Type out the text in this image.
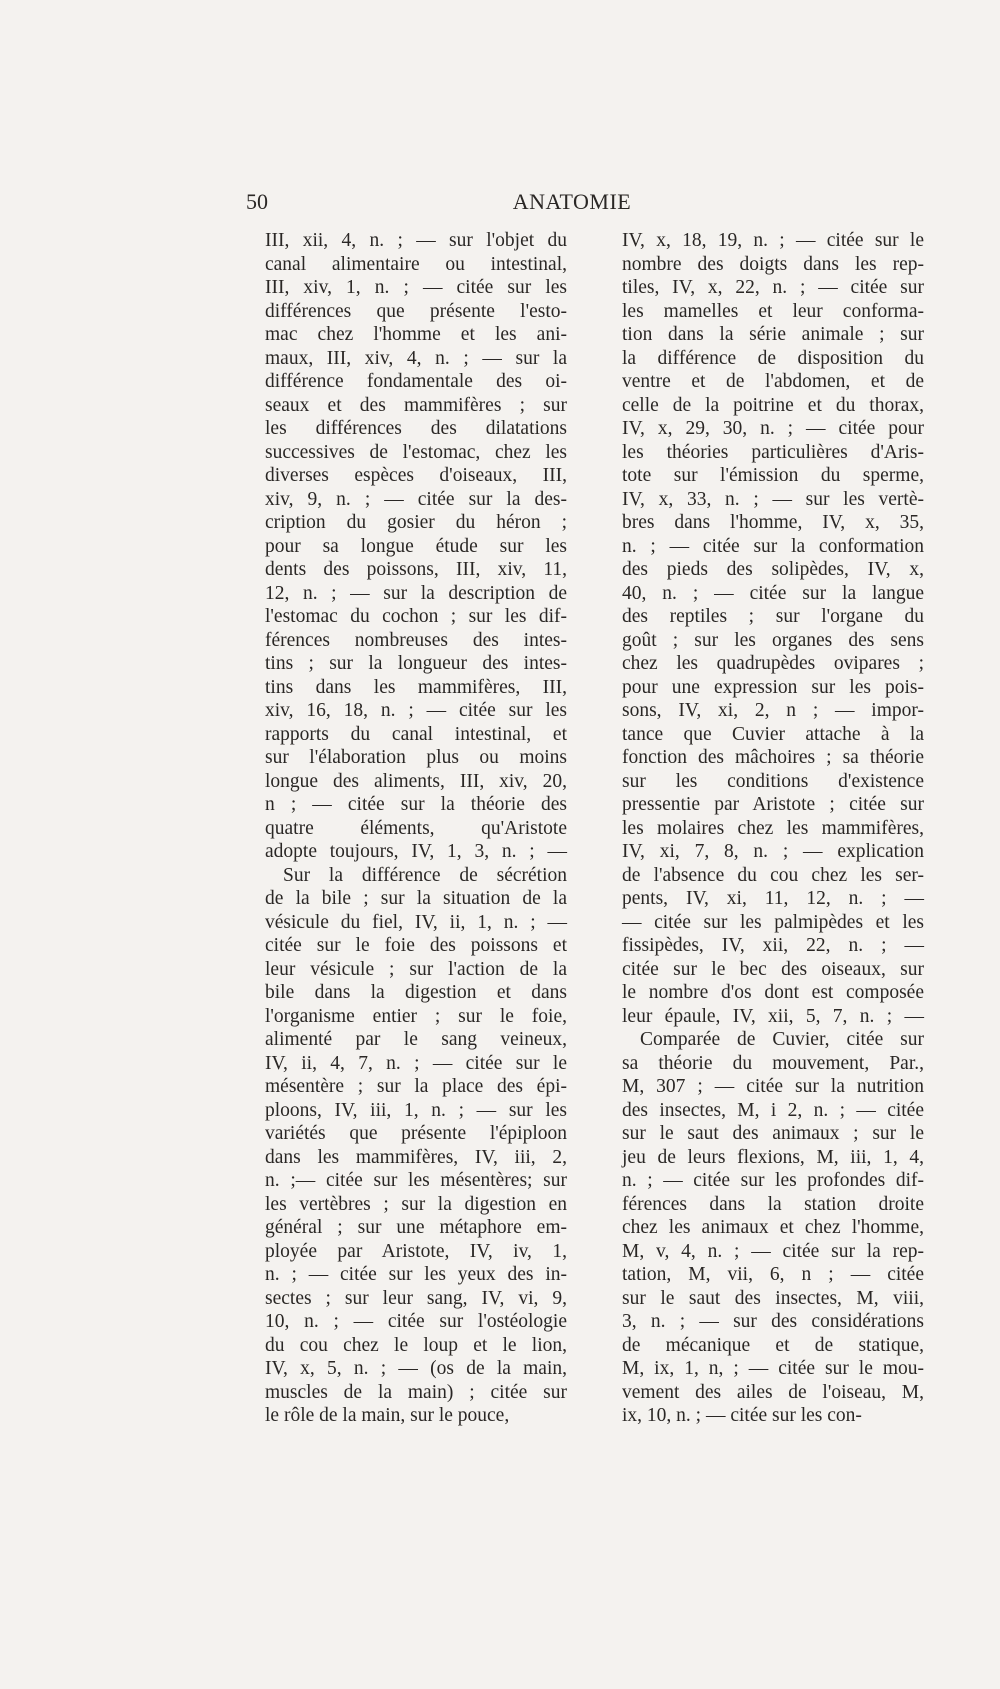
50	ANATOMIE
III, xii, 4, n. ; — sur l'objet du
canal alimentaire ou intestinal,
III, xiv, 1, n. ; — citée sur les
différences que présente l'esto-
mac chez l'homme et les ani-
maux, III, xiv, 4, n. ; — sur la
différence fondamentale des oi-
seaux et des mammifères ; sur
les différences des dilatations
successives de l'estomac, chez les
diverses espèces d'oiseaux, III,
xiv, 9, n. ; — citée sur la des-
cription du gosier du héron ;
pour sa longue étude sur les
dents des poissons, III, xiv, 11,
12, n. ; — sur la description de
l'estomac du cochon ; sur les dif-
férences nombreuses des intes-
tins ; sur la longueur des intes-
tins dans les mammifères, III,
xiv, 16, 18, n. ; — citée sur les
rapports du canal intestinal, et
sur l'élaboration plus ou moins
longue des aliments, III, xiv, 20,
n ; — citée sur la théorie des
quatre éléments, qu'Aristote
adopte toujours, IV, 1, 3, n. ; —
Sur la différence de sécrétion
de la bile ; sur la situation de la
vésicule du fiel, IV, ii, 1, n. ; —
citée sur le foie des poissons et
leur vésicule ; sur l'action de la
bile dans la digestion et dans
l'organisme entier ; sur le foie,
alimenté par le sang veineux,
IV, ii, 4, 7, n. ; — citée sur le
mésentère ; sur la place des épi-
ploons, IV, iii, 1, n. ; — sur les
variétés que présente l'épiploon
dans les mammifères, IV, iii, 2,
n. ;— citée sur les mésentères; sur
les vertèbres ; sur la digestion en
général ; sur une métaphore em-
ployée par Aristote, IV, iv, 1,
n. ; — citée sur les yeux des in-
sectes ; sur leur sang, IV, vi, 9,
10, n. ; — citée sur l'ostéologie
du cou chez le loup et le lion,
IV, x, 5, n. ; — (os de la main,
muscles de la main) ; citée sur
le rôle de la main, sur le pouce,
IV, x, 18, 19, n. ; — citée sur le
nombre des doigts dans les rep-
tiles, IV, x, 22, n. ; — citée sur
les mamelles et leur conforma-
tion dans la série animale ; sur
la différence de disposition du
ventre et de l'abdomen, et de
celle de la poitrine et du thorax,
IV, x, 29, 30, n. ; — citée pour
les théories particulières d'Aris-
tote sur l'émission du sperme,
IV, x, 33, n. ; — sur les vertè-
bres dans l'homme, IV, x, 35,
n. ; — citée sur la conformation
des pieds des solipèdes, IV, x,
40, n. ; — citée sur la langue
des reptiles ; sur l'organe du
goût ; sur les organes des sens
chez les quadrupèdes ovipares ;
pour une expression sur les pois-
sons, IV, xi, 2, n ; — impor-
tance que Cuvier attache à la
fonction des mâchoires ; sa théorie
sur les conditions d'existence
pressentie par Aristote ; citée sur
les molaires chez les mammifères,
IV, xi, 7, 8, n. ; — explication
de l'absence du cou chez les ser-
pents, IV, xi, 11, 12, n. ; —
— citée sur les palmipèdes et les
fissipèdes, IV, xii, 22, n. ; —
citée sur le bec des oiseaux, sur
le nombre d'os dont est composée
leur épaule, IV, xii, 5, 7, n. ; —
Comparée de Cuvier, citée sur
sa théorie du mouvement, Par.,
M, 307 ; — citée sur la nutrition
des insectes, M, i 2, n. ; — citée
sur le saut des animaux ; sur le
jeu de leurs flexions, M, iii, 1, 4,
n. ; — citée sur les profondes dif-
férences dans la station droite
chez les animaux et chez l'homme,
M, v, 4, n. ; — citée sur la rep-
tation, M, vii, 6, n ; — citée
sur le saut des insectes, M, viii,
3, n. ; — sur des considérations
de mécanique et de statique,
M, ix, 1, n, ; — citée sur le mou-
vement des ailes de l'oiseau, M,
ix, 10, n. ; — citée sur les con-
